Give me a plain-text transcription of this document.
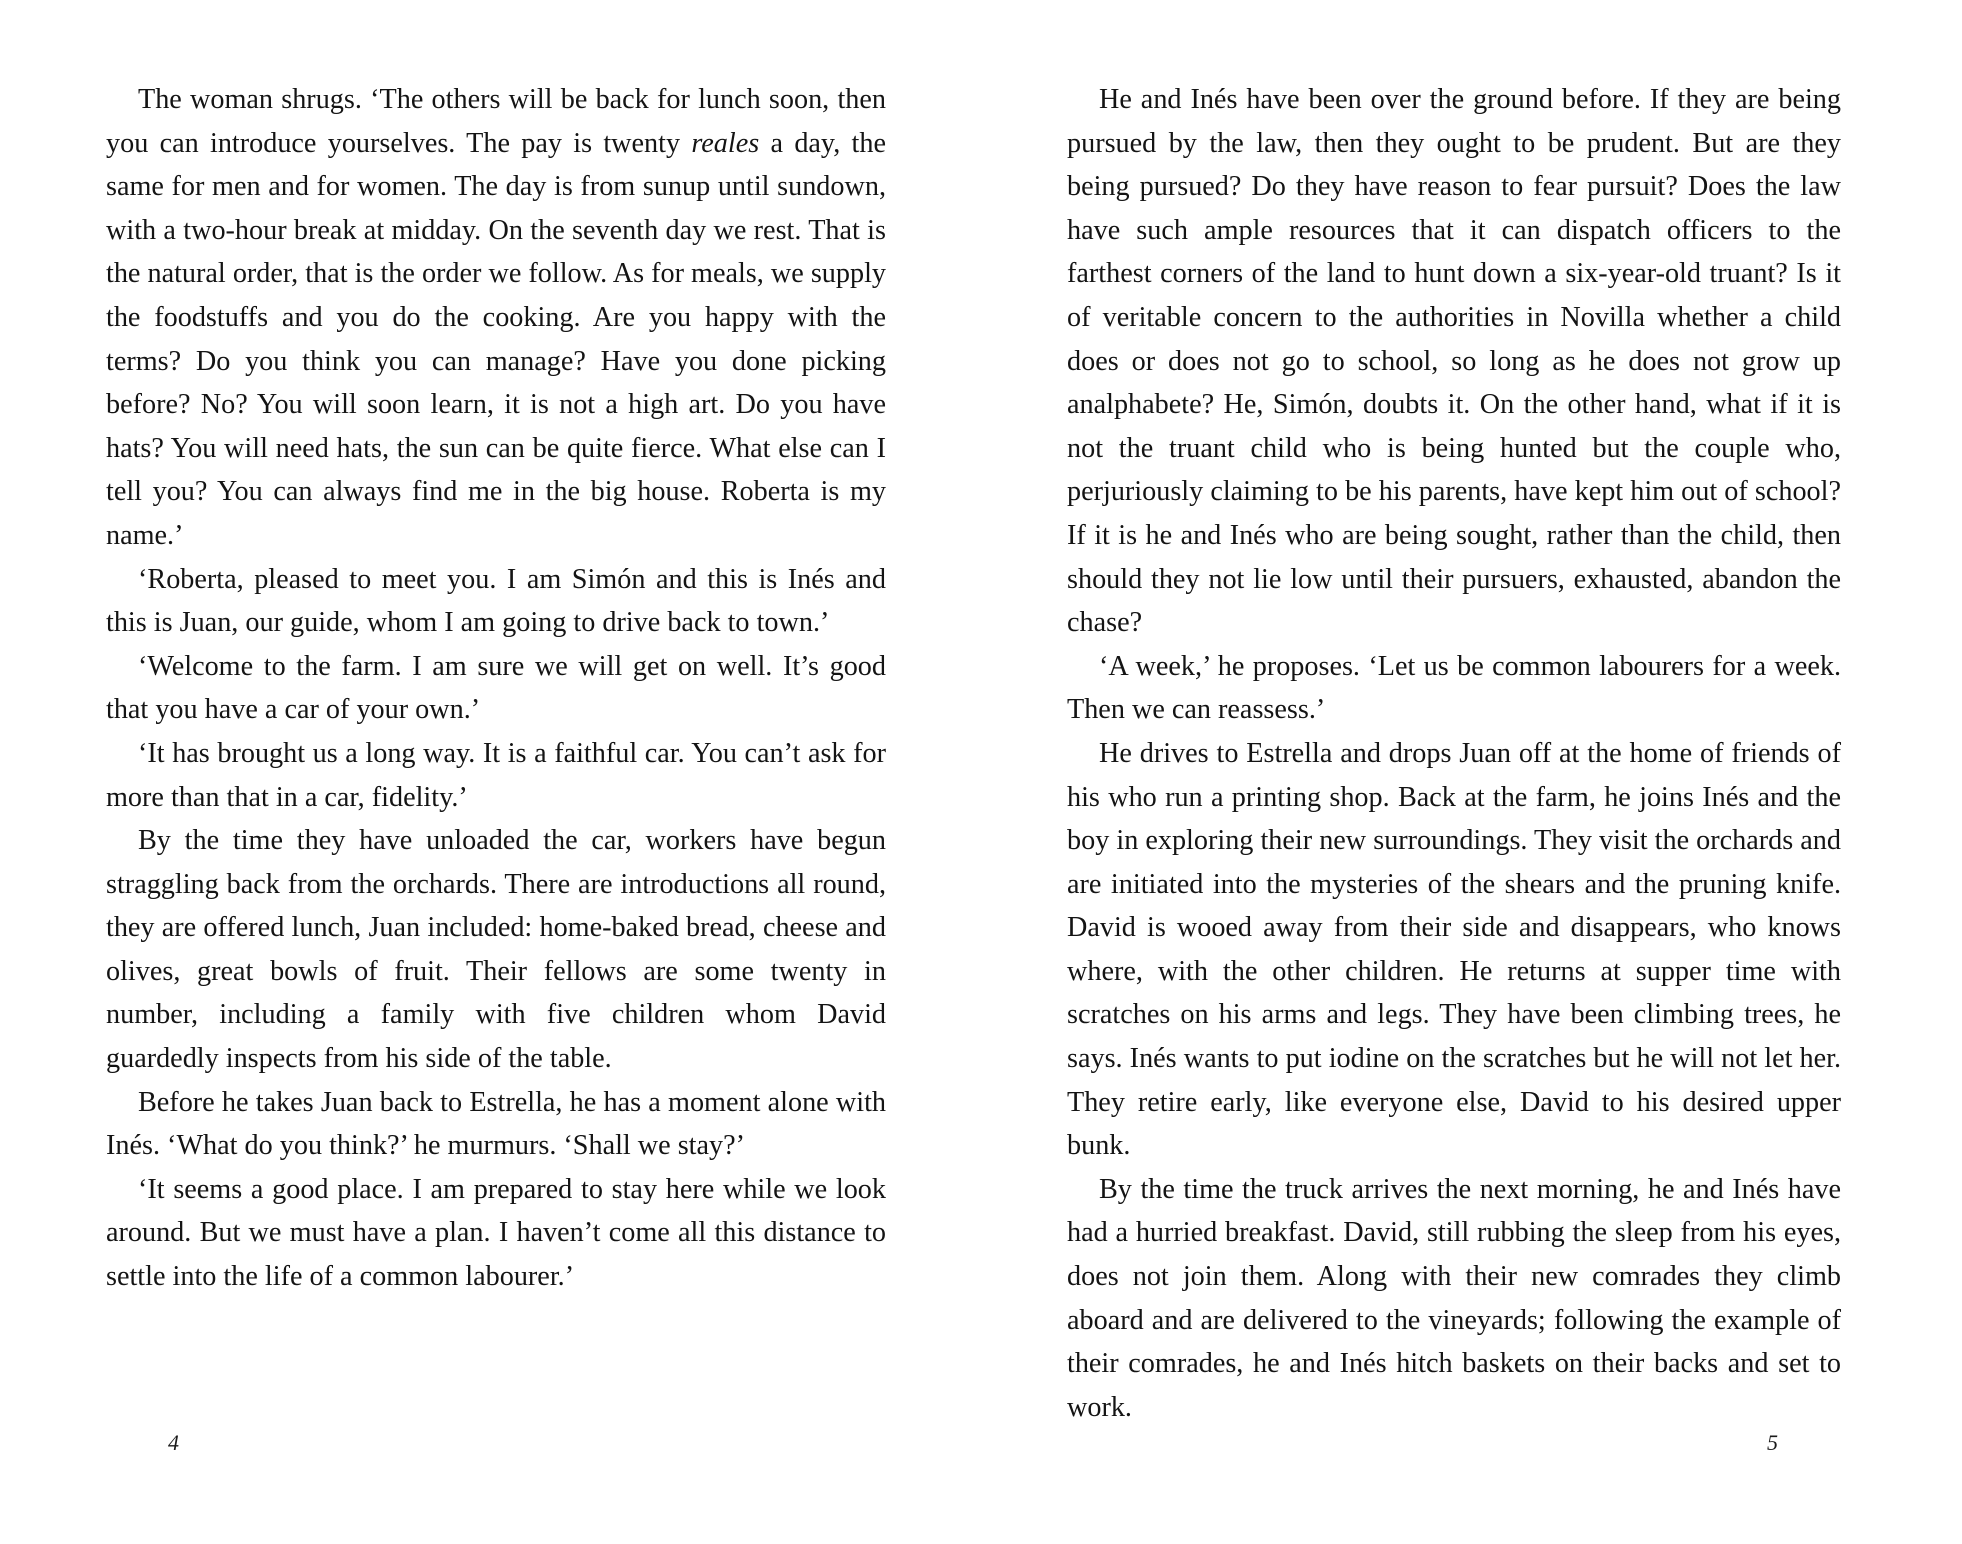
The woman shrugs. ‘The others will be back for lunch soon, then you can introduce yourselves. The pay is twenty reales a day, the same for men and for women. The day is from sunup until sundown, with a two-hour break at midday. On the seventh day we rest. That is the natural order, that is the order we follow. As for meals, we supply the foodstuffs and you do the cooking. Are you happy with the terms? Do you think you can manage? Have you done picking before? No? You will soon learn, it is not a high art. Do you have hats? You will need hats, the sun can be quite fierce. What else can I tell you? You can always find me in the big house. Roberta is my name.’

‘Roberta, pleased to meet you. I am Simón and this is Inés and this is Juan, our guide, whom I am going to drive back to town.’

‘Welcome to the farm. I am sure we will get on well. It’s good that you have a car of your own.’

‘It has brought us a long way. It is a faithful car. You can’t ask for more than that in a car, fidelity.’

By the time they have unloaded the car, workers have begun straggling back from the orchards. There are introductions all round, they are offered lunch, Juan included: home-baked bread, cheese and olives, great bowls of fruit. Their fellows are some twenty in number, including a family with five children whom David guardedly inspects from his side of the table.

Before he takes Juan back to Estrella, he has a moment alone with Inés. ‘What do you think?’ he murmurs. ‘Shall we stay?’

‘It seems a good place. I am prepared to stay here while we look around. But we must have a plan. I haven’t come all this distance to settle into the life of a common labourer.’

He and Inés have been over the ground before. If they are being pursued by the law, then they ought to be prudent. But are they being pursued? Do they have reason to fear pursuit? Does the law have such ample resources that it can dispatch officers to the farthest corners of the land to hunt down a six-year-old truant? Is it of veritable concern to the authorities in Novilla whether a child does or does not go to school, so long as he does not grow up analphabete? He, Simón, doubts it. On the other hand, what if it is not the truant child who is being hunted but the couple who, perjuriously claiming to be his parents, have kept him out of school? If it is he and Inés who are being sought, rather than the child, then should they not lie low until their pursuers, exhausted, abandon the chase?

‘A week,’ he proposes. ‘Let us be common labourers for a week. Then we can reassess.’

He drives to Estrella and drops Juan off at the home of friends of his who run a printing shop. Back at the farm, he joins Inés and the boy in exploring their new surroundings. They visit the orchards and are initiated into the mysteries of the shears and the pruning knife. David is wooed away from their side and disappears, who knows where, with the other children. He returns at supper time with scratches on his arms and legs. They have been climbing trees, he says. Inés wants to put iodine on the scratches but he will not let her. They retire early, like everyone else, David to his desired upper bunk.

By the time the truck arrives the next morning, he and Inés have had a hurried breakfast. David, still rubbing the sleep from his eyes, does not join them. Along with their new comrades they climb aboard and are delivered to the vineyards; following the example of their comrades, he and Inés hitch baskets on their backs and set to work.

4	5
